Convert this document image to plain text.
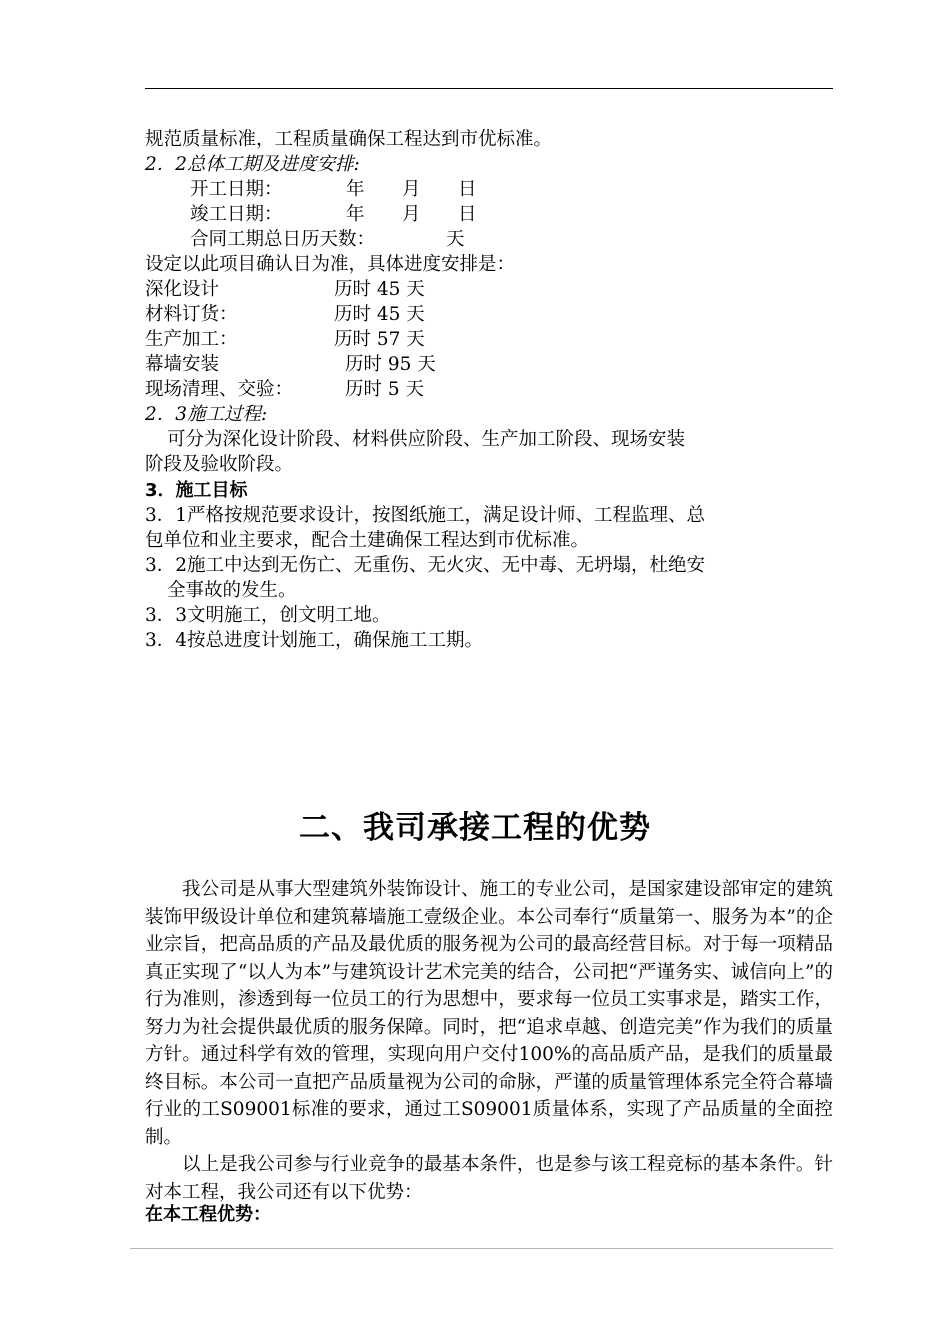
规范质量标准，工程质量确保工程达到市优标准。
2．2总体工期及进度安排:
开工日期：	年 月 日
竣工日期：	年 月 日
合同工期总日历天数：	天
设定以此项目确认日为准，具体进度安排是：
深化设计	历时 45 天
材料订货：	历时 45 天
生产加工：	历时 57 天
幕墙安装	历时 95 天
现场清理、交验：	历时 5 天
2．3施工过程:
可分为深化设计阶段、材料供应阶段、生产加工阶段、现场安装
阶段及验收阶段。
3．施工目标
3．1严格按规范要求设计，按图纸施工，满足设计师、工程监理、总
包单位和业主要求，配合土建确保工程达到市优标准。
3．2施工中达到无伤亡、无重伤、无火灾、无中毒、无坍塌，杜绝安
全事故的发生。
3．3文明施工，创文明工地。
3．4按总进度计划施工，确保施工工期。
二、我司承接工程的优势
我公司是从事大型建筑外装饰设计、施工的专业公司，是国家建设部审定的建筑装饰甲级设计单位和建筑幕墙施工壹级企业。本公司奉行“质量第一、服务为本”的企业宗旨，把高品质的产品及最优质的服务视为公司的最高经营目标。对于每一项精品真正实现了“以人为本”与建筑设计艺术完美的结合，公司把“严谨务实、诚信向上”的行为准则，渗透到每一位员工的行为思想中，要求每一位员工实事求是，踏实工作，努力为社会提供最优质的服务保障。同时，把“追求卓越、创造完美”作为我们的质量方针。通过科学有效的管理，实现向用户交付100%的高品质产品，是我们的质量最终目标。本公司一直把产品质量视为公司的命脉，严谨的质量管理体系完全符合幕墙行业的工S09001标准的要求，通过工S09001质量体系，实现了产品质量的全面控制。
以上是我公司参与行业竞争的最基本条件，也是参与该工程竞标的基本条件。针对本工程，我公司还有以下优势：
在本工程优势：
